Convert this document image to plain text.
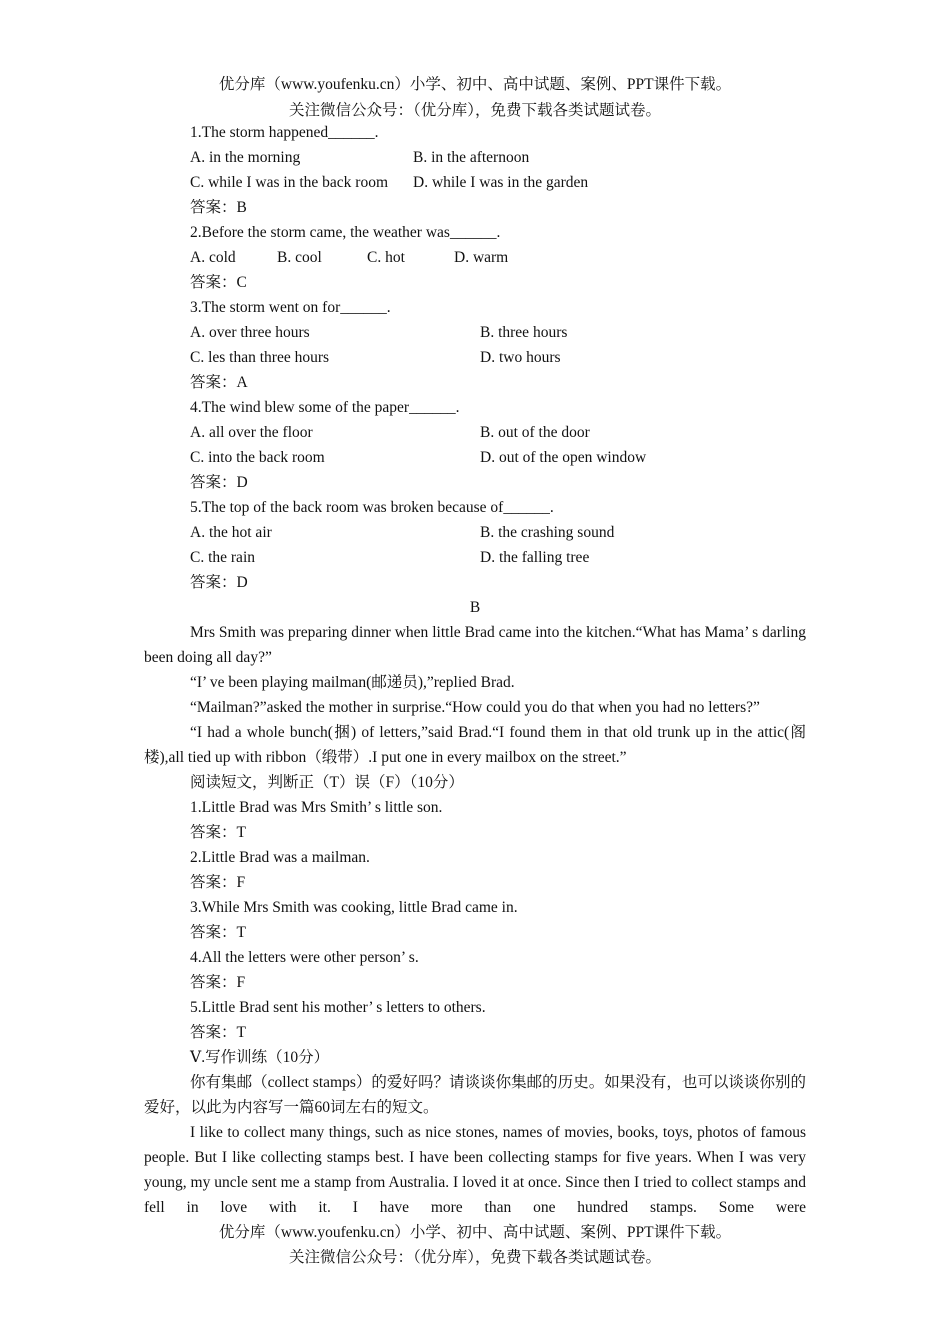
优分库（www.youfenku.cn）小学、初中、高中试题、案例、PPT课件下载。
关注微信公众号：（优分库），免费下载各类试题试卷。
1.The storm happened______.
A. in the morning	B. in the afternoon
C. while I was in the back room	D. while I was in the garden
答案：B
2.Before the storm came, the weather was______.
A. cold	B. cool	C. hot	D. warm
答案：C
3.The storm went on for______.
A. over three hours	B. three hours
C. les than three hours	D. two hours
答案：A
4.The wind blew some of the paper______.
A. all over the floor	B. out of the door
C. into the back room	D. out of the open window
答案：D
5.The top of the back room was broken because of______.
A. the hot air	B. the crashing sound
C. the rain	D. the falling tree
答案：D
B

Mrs Smith was preparing dinner when little Brad came into the kitchen.“What has Mama’ s darling been doing all day?”

“I’ ve been playing mailman(邮递员),”replied Brad.

“Mailman?”asked the mother in surprise.“How could you do that when you had no letters?”

“I had a whole bunch(捆) of letters,”said Brad.“I found them in that old trunk up in the attic(阁楼),all tied up with ribbon（缎带）.I put one in every mailbox on the street.”

阅读短文，判断正（T）误（F）（10分）
1.Little Brad was Mrs Smith’ s little son.
答案：T
2.Little Brad was a mailman.
答案：F
3.While Mrs Smith was cooking, little Brad came in.
答案：T
4.All the letters were other person’ s.
答案：F
5.Little Brad sent his mother’ s letters to others.
答案：T
Ⅴ.写作训练（10分）

你有集邮（collect stamps）的爱好吗？请谈谈你集邮的历史。如果没有，也可以谈谈你别的爱好，以此为内容写一篇60词左右的短文。

I like to collect many things, such as nice stones, names of movies, books, toys, photos of famous people. But I like collecting stamps best. I have been collecting stamps for five years. When I was very young, my uncle sent me a stamp from Australia. I loved it at once. Since then I tried to collect stamps and fell in love with it. I have more than one hundred stamps. Some were

优分库（www.youfenku.cn）小学、初中、高中试题、案例、PPT课件下载。
关注微信公众号：（优分库），免费下载各类试题试卷。
